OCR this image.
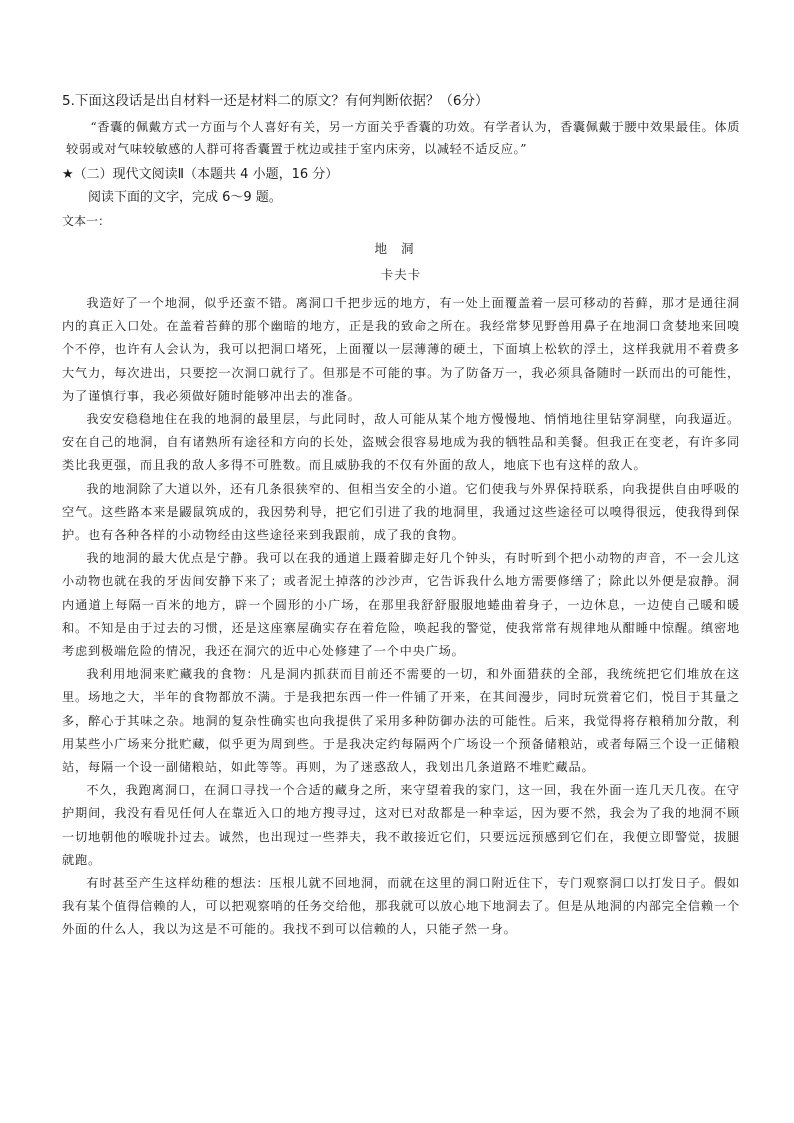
5.下面这段话是出自材料一还是材料二的原文？有何判断依据？（6分）

“香囊的佩戴方式一方面与个人喜好有关，另一方面关乎香囊的功效。有学者认为，香囊佩戴于腰中效果最佳。体质较弱或对气味较敏感的人群可将香囊置于枕边或挂于室内床旁，以减轻不适反应。”

★（二）现代文阅读Ⅱ（本题共 4 小题，16 分）

阅读下面的文字，完成 6～9 题。

文本一：

地洞

卡夫卡

我造好了一个地洞，似乎还蛮不错。离洞口千把步远的地方，有一处上面覆盖着一层可移动的苔藓，那才是通往洞内的真正入口处。在盖着苔藓的那个幽暗的地方，正是我的致命之所在。我经常梦见野兽用鼻子在地洞口贪婪地来回嗅个不停，也许有人会认为，我可以把洞口堵死，上面覆以一层薄薄的硬土，下面填上松软的浮土，这样我就用不着费多大气力，每次进出，只要挖一次洞口就行了。但那是不可能的事。为了防备万一，我必须具备随时一跃而出的可能性，为了谨慎行事，我必须做好随时能够冲出去的准备。

我安安稳稳地住在我的地洞的最里层，与此同时，敌人可能从某个地方慢慢地、悄悄地往里钻穿洞壁，向我逼近。安在自己的地洞，自有诸熟所有途径和方向的长处，盗贼会很容易地成为我的牺牲品和美餐。但我正在变老，有许多同类比我更强，而且我的敌人多得不可胜数。而且威胁我的不仅有外面的敌人，地底下也有这样的敌人。

我的地洞除了大道以外，还有几条很狭窄的、但相当安全的小道。它们使我与外界保持联系，向我提供自由呼吸的空气。这些路本来是鼹鼠筑成的，我因势利导，把它们引进了我的地洞里，我通过这些途径可以嗅得很远，使我得到保护。也有各种各样的小动物经由这些途径来到我跟前，成了我的食物。

我的地洞的最大优点是宁静。我可以在我的通道上蹑着脚走好几个钟头，有时听到个把小动物的声音，不一会儿这小动物也就在我的牙齿间安静下来了；或者泥土掉落的沙沙声，它告诉我什么地方需要修缮了；除此以外便是寂静。洞内通道上每隔一百米的地方，辟一个圆形的小广场，在那里我舒舒服服地蜷曲着身子，一边休息，一边使自己暖和暖和。不知是由于过去的习惯，还是这座寨屋确实存在着危险，唤起我的警觉，使我常常有规律地从酣睡中惊醒。缜密地考虑到极端危险的情况，我还在洞穴的近中心处修建了一个中央广场。

我利用地洞来贮藏我的食物：凡是洞内抓获而目前还不需要的一切，和外面猎获的全部，我统统把它们堆放在这里。场地之大，半年的食物都放不满。于是我把东西一件一件铺了开来，在其间漫步，同时玩赏着它们，悦目于其量之多，醉心于其味之杂。地洞的复杂性确实也向我提供了采用多种防御办法的可能性。后来，我觉得将存粮稍加分散，利用某些小广场来分批贮藏，似乎更为周到些。于是我决定约每隔两个广场设一个预备储粮站，或者每隔三个设一正储粮站，每隔一个设一副储粮站，如此等等。再则，为了迷惑敌人，我划出几条道路不堆贮藏品。

不久，我跑离洞口，在洞口寻找一个合适的藏身之所，来守望着我的家门，这一回，我在外面一连几天几夜。在守护期间，我没有看见任何人在靠近入口的地方搜寻过，这对已对敌都是一种幸运，因为要不然，我会为了我的地洞不顾一切地朝他的喉咙扑过去。诚然，也出现过一些莽夫，我不敢接近它们，只要远远预感到它们在，我便立即警觉，拔腿就跑。

有时甚至产生这样幼稚的想法：压根儿就不回地洞，而就在这里的洞口附近住下，专门观察洞口以打发日子。假如我有某个值得信赖的人，可以把观察哨的任务交给他，那我就可以放心地下地洞去了。但是从地洞的内部完全信赖一个外面的什么人，我以为这是不可能的。我找不到可以信赖的人，只能孑然一身。
